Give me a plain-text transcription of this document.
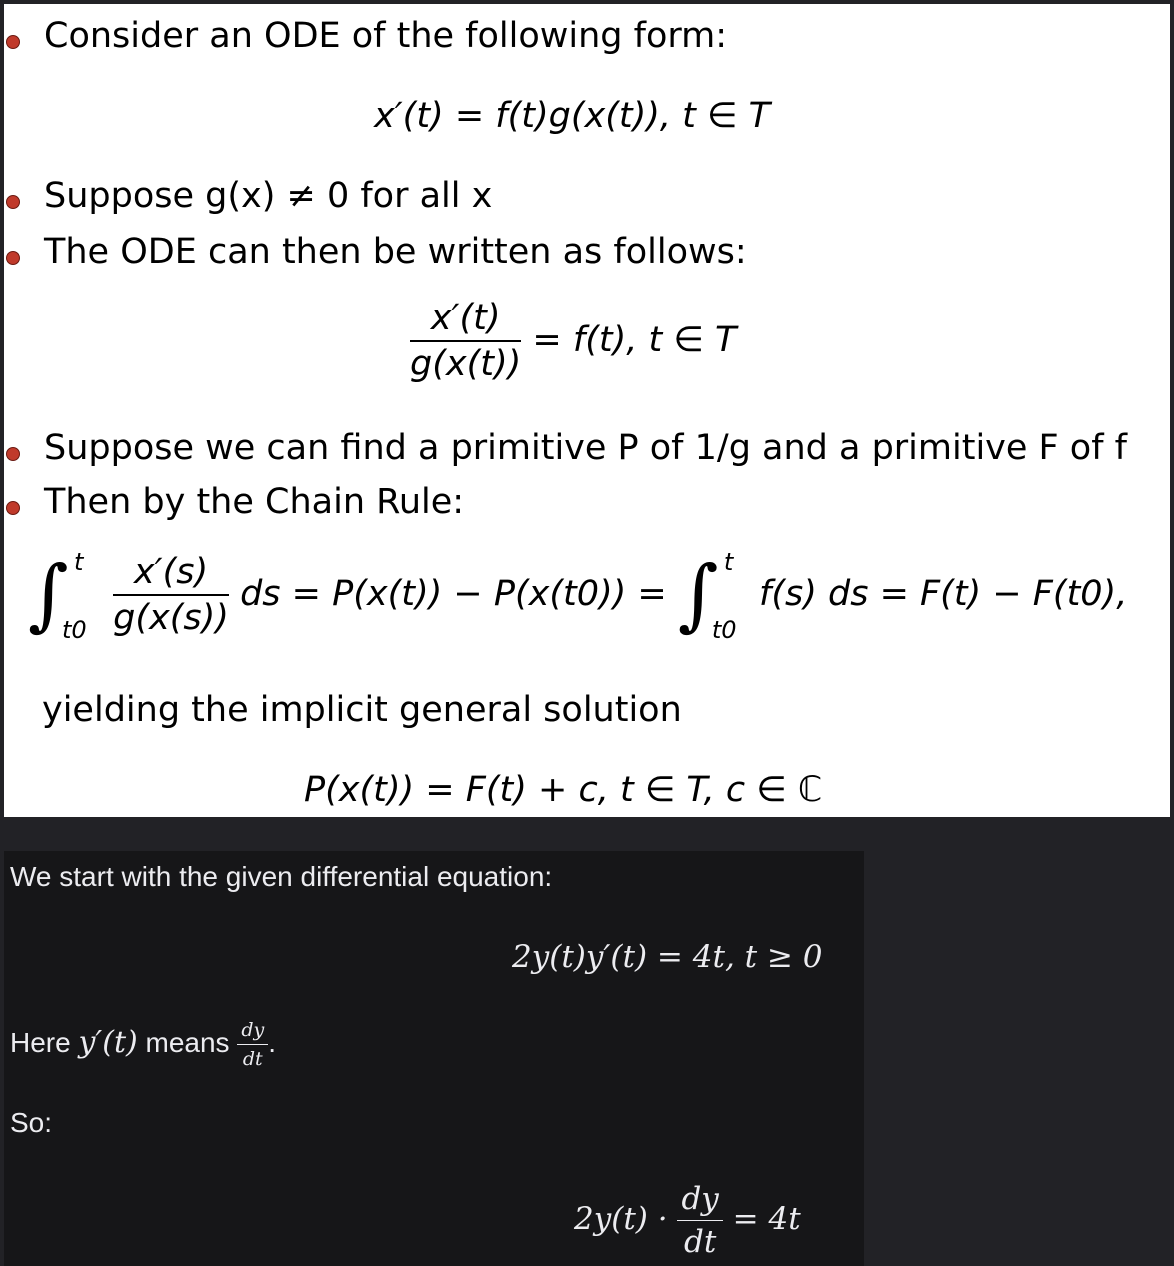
Consider an ODE of the following form:
x′(t) = f(t)g(x(t)), t ∈ T
Suppose g(x) ≠ 0 for all x
The ODE can then be written as follows:
$\frac{x'(t)}{g(x(t))} = f(t)$, t ∈ T
Suppose we can find a primitive P of 1/g and a primitive F of f
Then by the Chain Rule:
∫ t
t0
$\frac{x'(s)}{g(x(s))}$ ds = P(x(t)) − P(x(t0)) = ∫ t
t0
f(s) ds = F(t) − F(t0),
yielding the implicit general solution
P(x(t)) = F(t) + c, t ∈ T, c ∈ ℂ
We start with the given differential equation:
2y(t)y′(t) = 4t, t ≥ 0
Here y′(t) means $\frac{dy}{dt}$ .
So:
$2y(t) \cdot \frac{dy}{dt} = 4t$
